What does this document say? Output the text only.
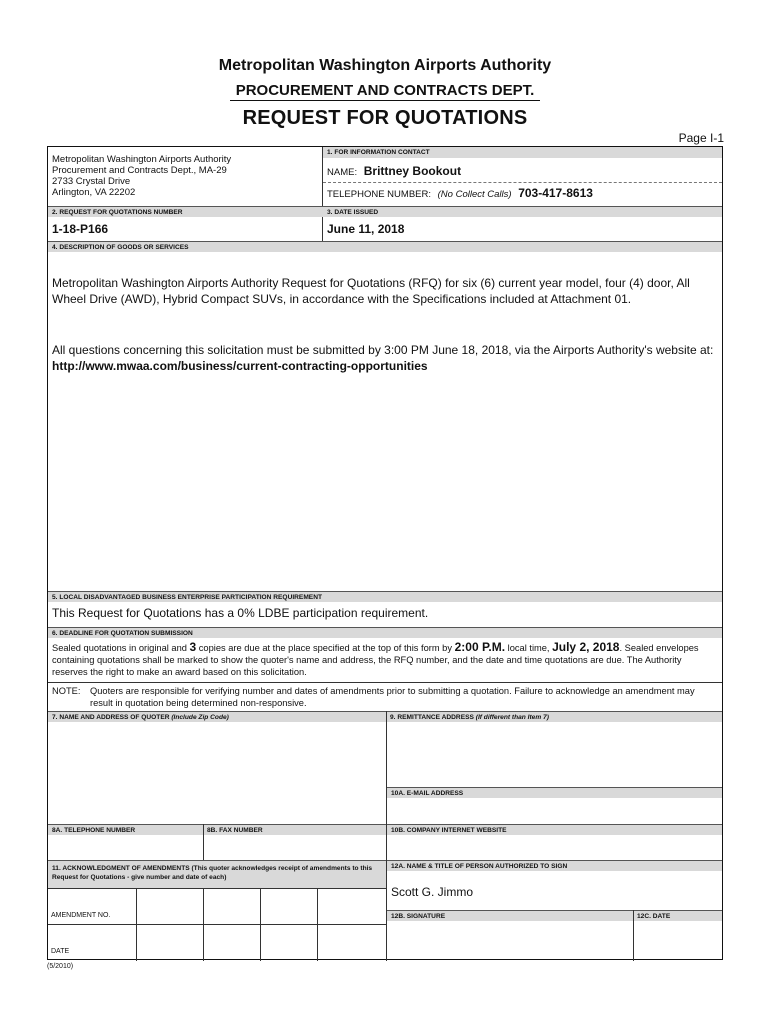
Metropolitan Washington Airports Authority
PROCUREMENT AND CONTRACTS DEPT.
REQUEST FOR QUOTATIONS
Page I-1
Metropolitan Washington Airports Authority
Procurement and Contracts Dept., MA-29
2733 Crystal Drive
Arlington, VA 22202
1. FOR INFORMATION CONTACT
NAME: Brittney Bookout
TELEPHONE NUMBER: (No Collect Calls) 703-417-8613
2. REQUEST FOR QUOTATIONS NUMBER	3. DATE ISSUED
1-18-P166	June 11, 2018
4. DESCRIPTION OF GOODS OR SERVICES
Metropolitan Washington Airports Authority Request for Quotations (RFQ) for six (6) current year model, four (4) door, All Wheel Drive (AWD), Hybrid Compact SUVs, in accordance with the Specifications included at Attachment 01.
All questions concerning this solicitation must be submitted by 3:00 PM June 18, 2018, via the Airports Authority's website at: http://www.mwaa.com/business/current-contracting-opportunities
5. LOCAL DISADVANTAGED BUSINESS ENTERPRISE PARTICIPATION REQUIREMENT
This Request for Quotations has a 0% LDBE participation requirement.
6. DEADLINE FOR QUOTATION SUBMISSION
Sealed quotations in original and 3 copies are due at the place specified at the top of this form by 2:00 P.M. local time, July 2, 2018. Sealed envelopes containing quotations shall be marked to show the quoter's name and address, the RFQ number, and the date and time quotations are due. The Authority reserves the right to make an award based on this solicitation.
NOTE: Quoters are responsible for verifying number and dates of amendments prior to submitting a quotation. Failure to acknowledge an amendment may result in quotation being determined non-responsive.
7. NAME AND ADDRESS OF QUOTER (Include Zip Code)	9. REMITTANCE ADDRESS (If different than Item 7)
10A. E-MAIL ADDRESS
8A. TELEPHONE NUMBER	8B. FAX NUMBER	10B. COMPANY INTERNET WEBSITE
11. ACKNOWLEDGMENT OF AMENDMENTS (This quoter acknowledges receipt of amendments to this Request for Quotations - give number and date of each)
12A. NAME & TITLE OF PERSON AUTHORIZED TO SIGN
Scott G. Jimmo
AMENDMENT NO.
DATE
12B. SIGNATURE	12C. DATE
(5/2010)
